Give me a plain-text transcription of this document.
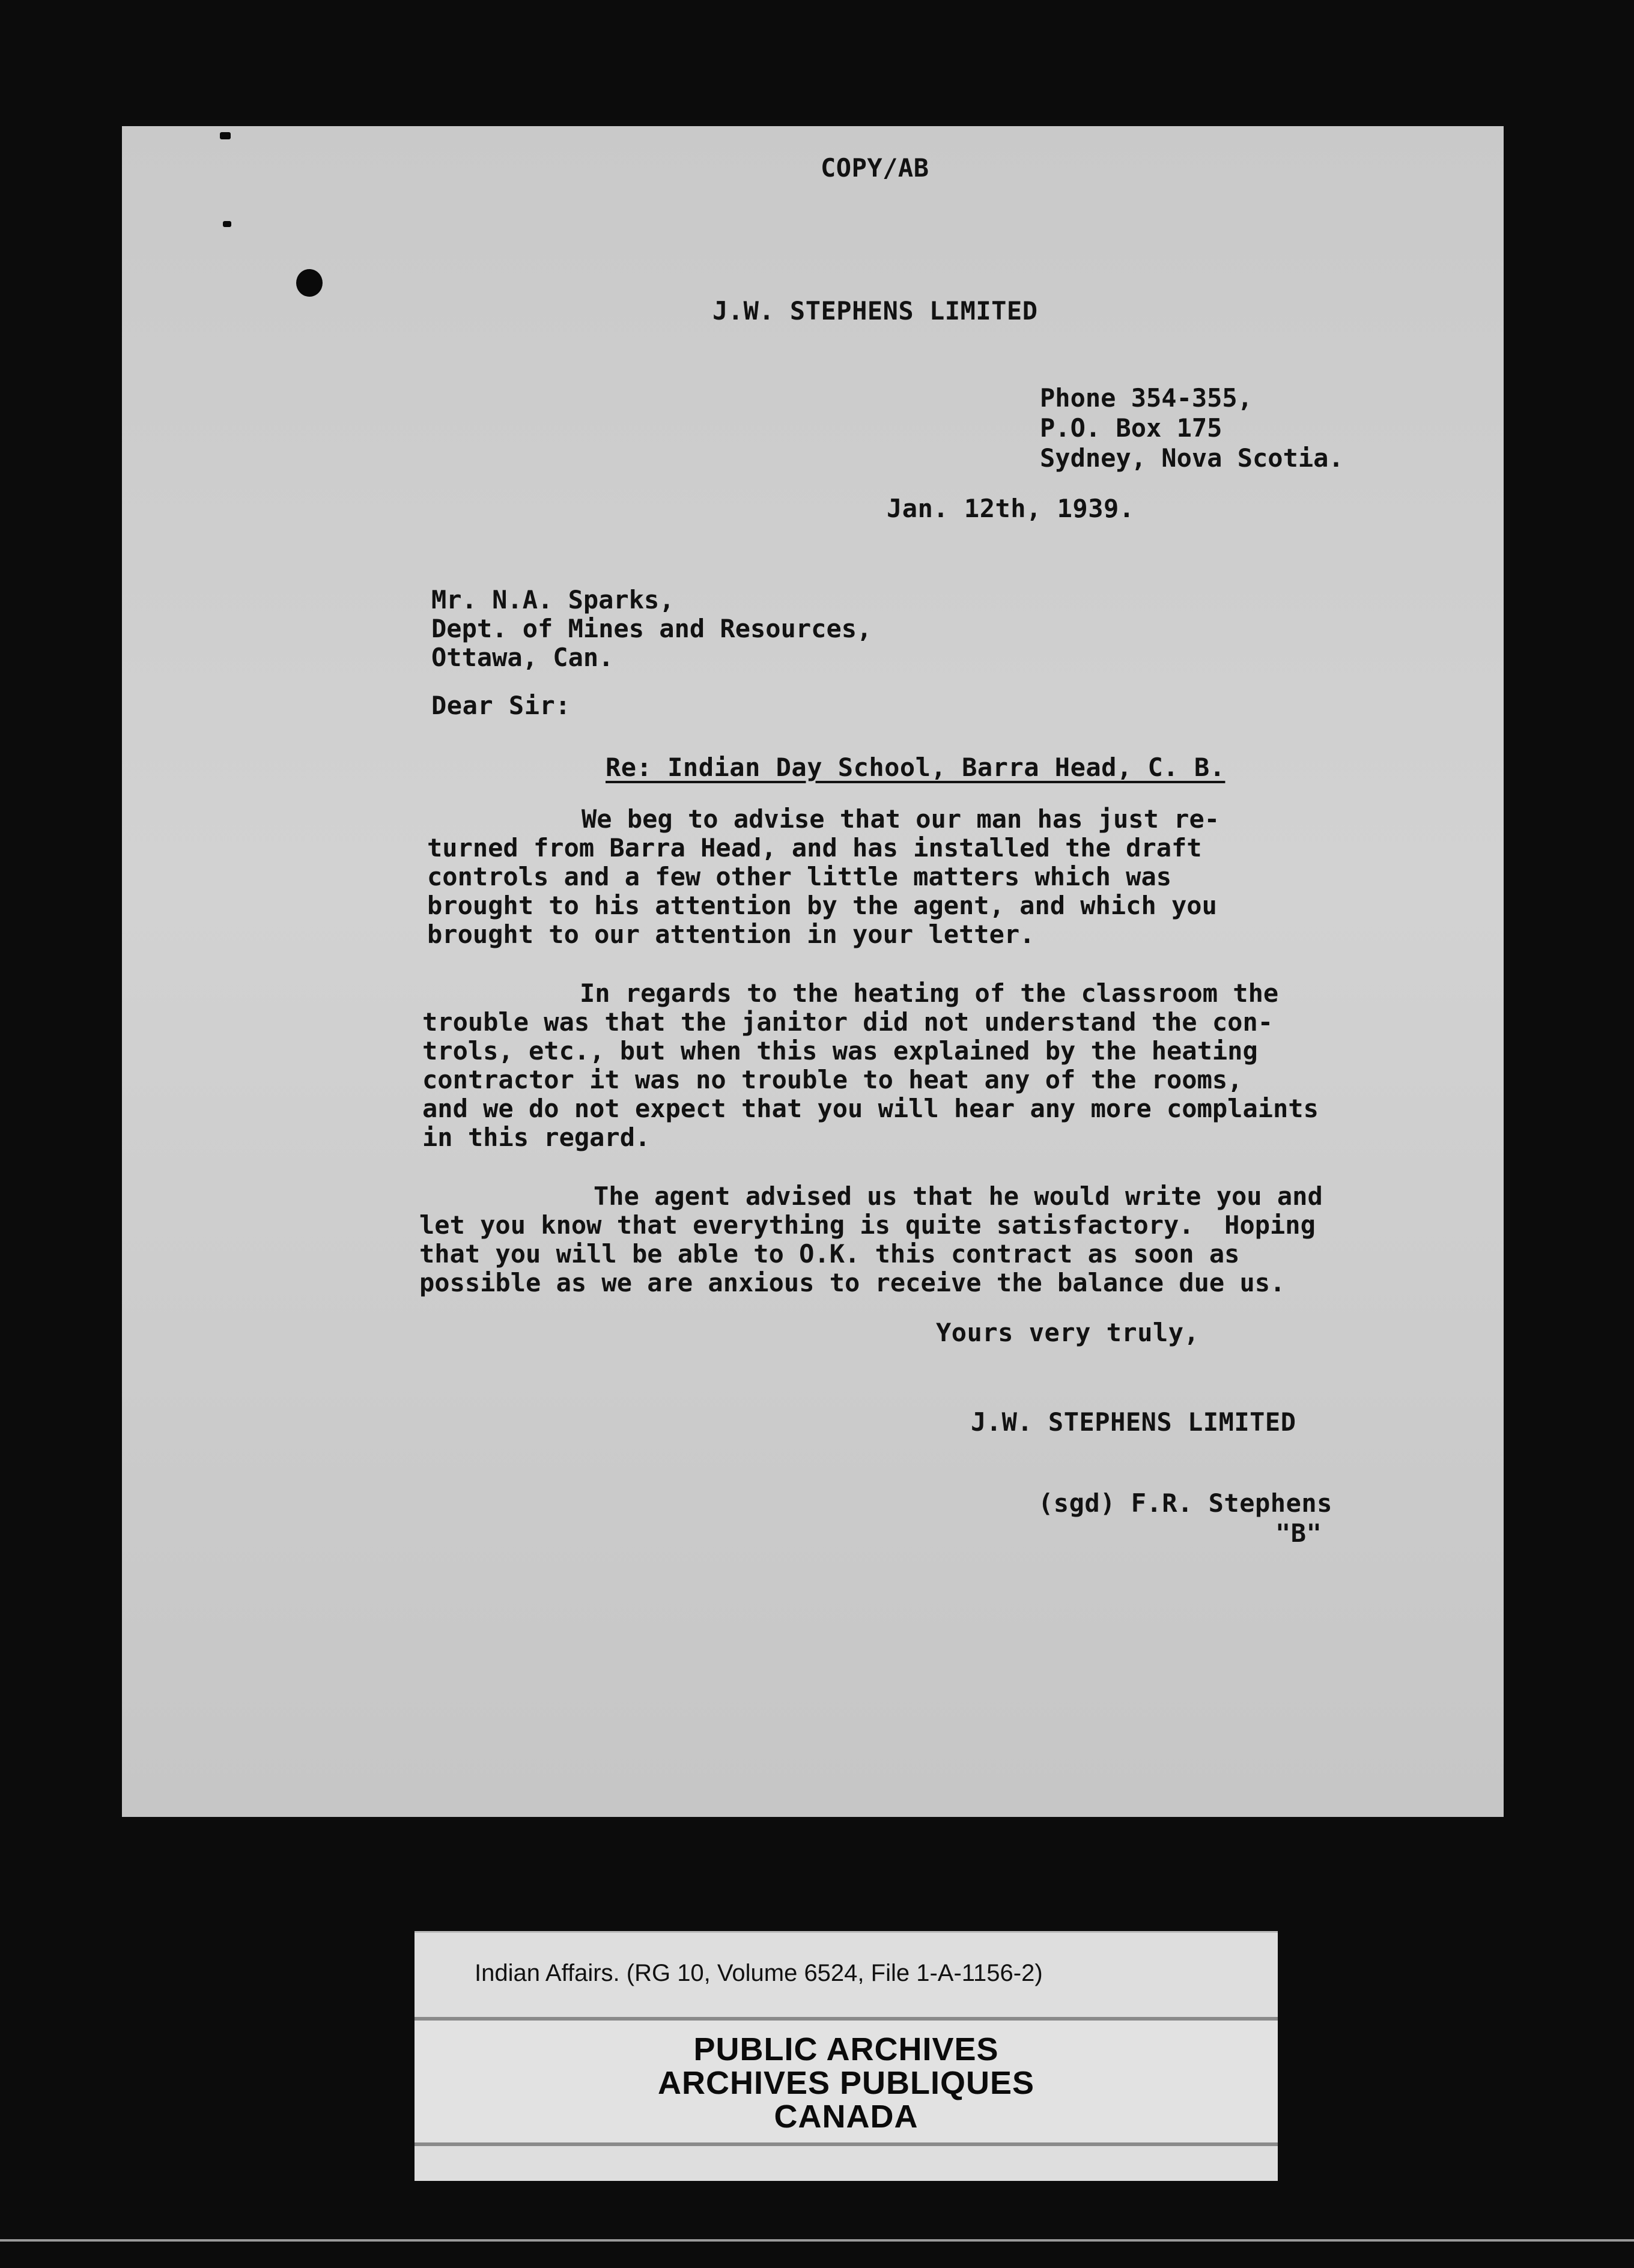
COPY/AB
J.W. STEPHENS LIMITED
Phone 354-355,
P.O. Box 175
Sydney, Nova Scotia.
Jan. 12th, 1939.
Mr. N.A. Sparks,
Dept. of Mines and Resources,
Ottawa, Can.
Dear Sir:
Re: Indian Day School, Barra Head, C. B.
We beg to advise that our man has just re-
turned from Barra Head, and has installed the draft
controls and a few other little matters which was
brought to his attention by the agent, and which you
brought to our attention in your letter.
In regards to the heating of the classroom the
trouble was that the janitor did not understand the con-
trols, etc., but when this was explained by the heating
contractor it was no trouble to heat any of the rooms,
and we do not expect that you will hear any more complaints
in this regard.
The agent advised us that he would write you and
let you know that everything is quite satisfactory.  Hoping
that you will be able to O.K. this contract as soon as
possible as we are anxious to receive the balance due us.
Yours very truly,
J.W. STEPHENS LIMITED
(sgd) F.R. Stephens
"B"
Indian Affairs. (RG 10, Volume 6524, File 1-A-1156-2)
PUBLIC ARCHIVES
ARCHIVES PUBLIQUES
CANADA
